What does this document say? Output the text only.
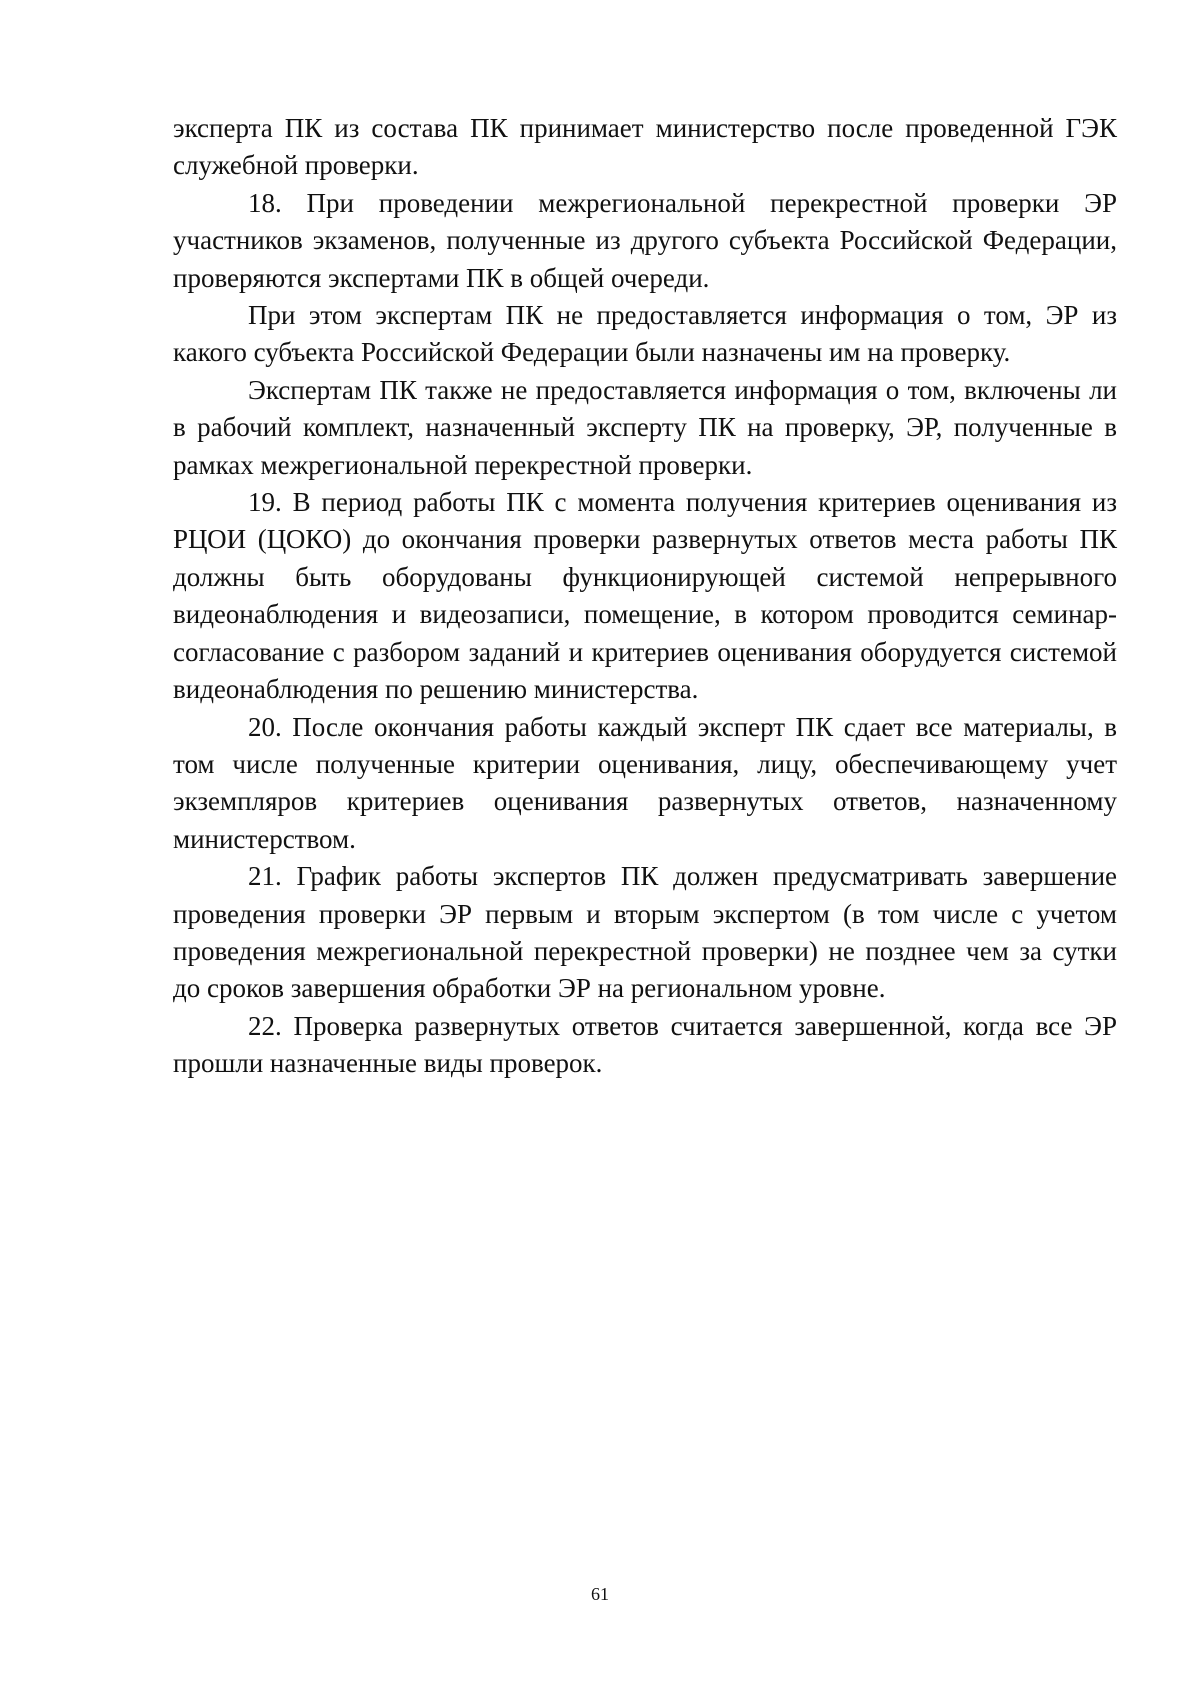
эксперта ПК из состава ПК принимает министерство после проведенной ГЭК служебной проверки.

18. При проведении межрегиональной перекрестной проверки ЭР участников экзаменов, полученные из другого субъекта Российской Федерации, проверяются экспертами ПК в общей очереди.

При этом экспертам ПК не предоставляется информация о том, ЭР из какого субъекта Российской Федерации были назначены им на проверку.

Экспертам ПК также не предоставляется информация о том, включены ли в рабочий комплект, назначенный эксперту ПК на проверку, ЭР, полученные в рамках межрегиональной перекрестной проверки.

19. В период работы ПК с момента получения критериев оценивания из РЦОИ (ЦОКО) до окончания проверки развернутых ответов места работы ПК должны быть оборудованы функционирующей системой непрерывного видеонаблюдения и видеозаписи, помещение, в котором проводится семинар-согласование с разбором заданий и критериев оценивания оборудуется системой видеонаблюдения по решению министерства.

20. После окончания работы каждый эксперт ПК сдает все материалы, в том числе полученные критерии оценивания, лицу, обеспечивающему учет экземпляров критериев оценивания развернутых ответов, назначенному министерством.

21. График работы экспертов ПК должен предусматривать завершение проведения проверки ЭР первым и вторым экспертом (в том числе с учетом проведения межрегиональной перекрестной проверки) не позднее чем за сутки до сроков завершения обработки ЭР на региональном уровне.

22. Проверка развернутых ответов считается завершенной, когда все ЭР прошли назначенные виды проверок.

61
